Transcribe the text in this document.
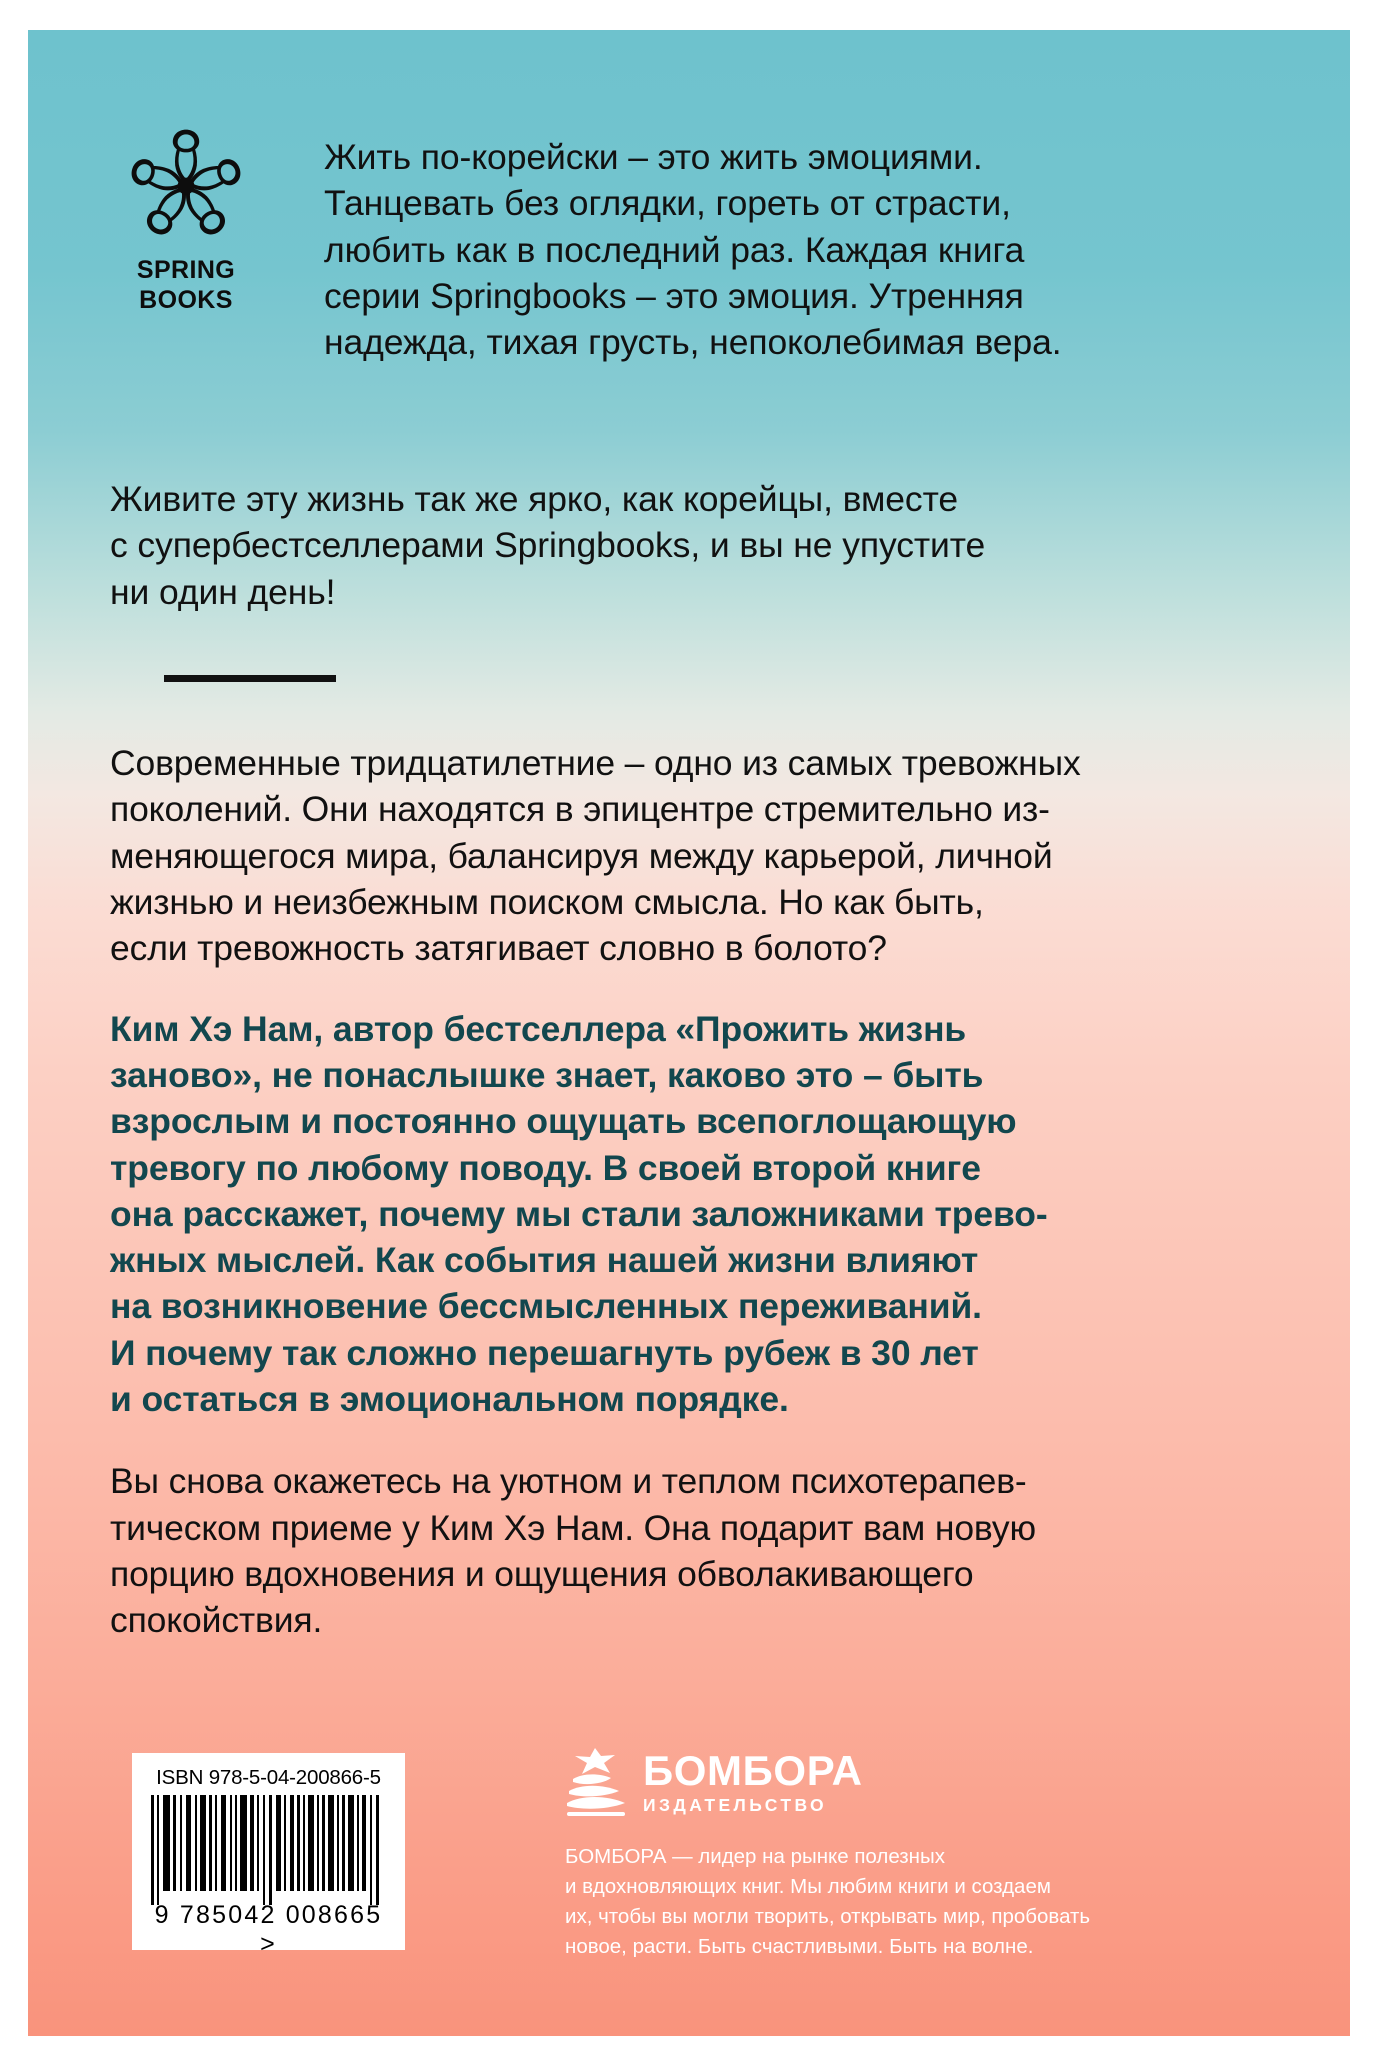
SPRING
BOOKS

Жить по-корейски – это жить эмоциями.
Танцевать без оглядки, гореть от страсти,
любить как в последний раз. Каждая книга
серии Springbooks – это эмоция. Утренняя
надежда, тихая грусть, непоколебимая вера.

Живите эту жизнь так же ярко, как корейцы, вместе
с супербестселлерами Springbooks, и вы не упустите
ни один день!

Современные тридцатилетние – одно из самых тревожных
поколений. Они находятся в эпицентре стремительно из-
меняющегося мира, балансируя между карьерой, личной
жизнью и неизбежным поиском смысла. Но как быть,
если тревожность затягивает словно в болото?

Ким Хэ Нам, автор бестселлера «Прожить жизнь
заново», не понаслышке знает, каково это – быть
взрослым и постоянно ощущать всепоглощающую
тревогу по любому поводу. В своей второй книге
она расскажет, почему мы стали заложниками трево-
жных мыслей. Как события нашей жизни влияют
на возникновение бессмысленных переживаний.
И почему так сложно перешагнуть рубеж в 30 лет
и остаться в эмоциональном порядке.

Вы снова окажетесь на уютном и теплом психотерапев-
тическом приеме у Ким Хэ Нам. Она подарит вам новую
порцию вдохновения и ощущения обволакивающего
спокойствия.

ISBN 978-5-04-200866-5
9 785042 008665 >
БОМБОРА
ИЗДАТЕЛЬСТВО
БОМБОРА — лидер на рынке полезных
и вдохновляющих книг. Мы любим книги и создаем
их, чтобы вы могли творить, открывать мир, пробовать
новое, расти. Быть счастливыми. Быть на волне.
